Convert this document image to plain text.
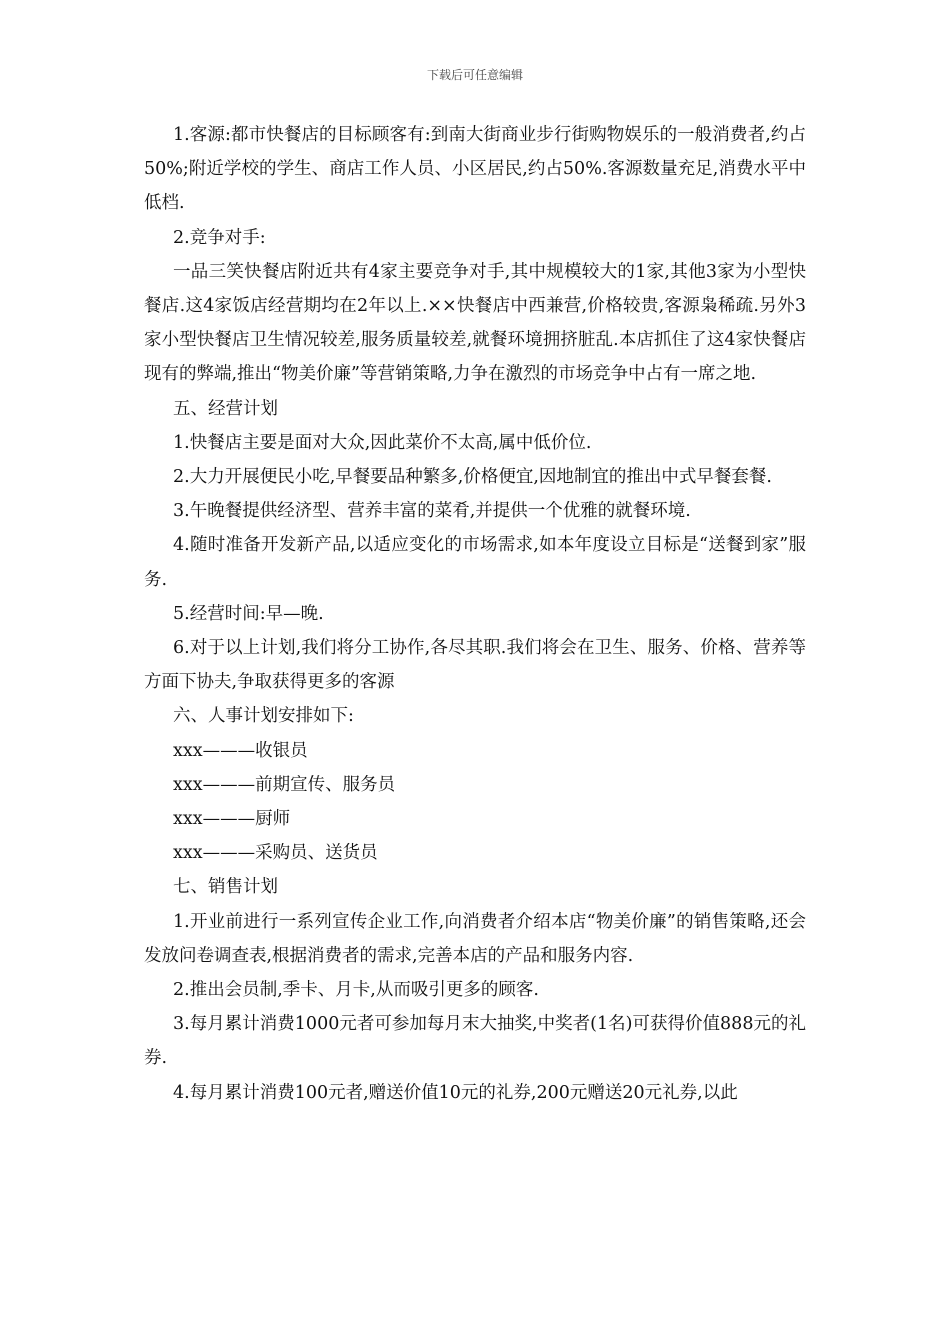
下载后可任意编辑

1.客源:都市快餐店的目标顾客有:到南大街商业步行街购物娱乐的一般消费者,约占50%;附近学校的学生、商店工作人员、小区居民,约占50%.客源数量充足,消费水平中低档.

2.竞争对手:

一品三笑快餐店附近共有4家主要竞争对手,其中规模较大的1家,其他3家为小型快餐店.这4家饭店经营期均在2年以上.××快餐店中西兼营,价格较贵,客源枭稀疏.另外3家小型快餐店卫生情况较差,服务质量较差,就餐环境拥挤脏乱.本店抓住了这4家快餐店现有的弊端,推出“物美价廉”等营销策略,力争在激烈的市场竞争中占有一席之地.

五、经营计划

1.快餐店主要是面对大众,因此菜价不太高,属中低价位.

2.大力开展便民小吃,早餐要品种繁多,价格便宜,因地制宜的推出中式早餐套餐.

3.午晚餐提供经济型、营养丰富的菜肴,并提供一个优雅的就餐环境.

4.随时准备开发新产品,以适应变化的市场需求,如本年度设立目标是“送餐到家”服务.

5.经营时间:早—晚.

6.对于以上计划,我们将分工协作,各尽其职.我们将会在卫生、服务、价格、营养等方面下协夫,争取获得更多的客源

六、人事计划安排如下:

xxx———收银员

xxx———前期宣传、服务员

xxx———厨师

xxx———采购员、送货员

七、销售计划

1.开业前进行一系列宣传企业工作,向消费者介绍本店“物美价廉”的销售策略,还会发放问卷调查表,根据消费者的需求,完善本店的产品和服务内容.

2.推出会员制,季卡、月卡,从而吸引更多的顾客.

3.每月累计消费1000元者可参加每月末大抽奖,中奖者(1名)可获得价值888元的礼券.

4.每月累计消费100元者,赠送价值10元的礼券,200元赠送20元礼券,以此
